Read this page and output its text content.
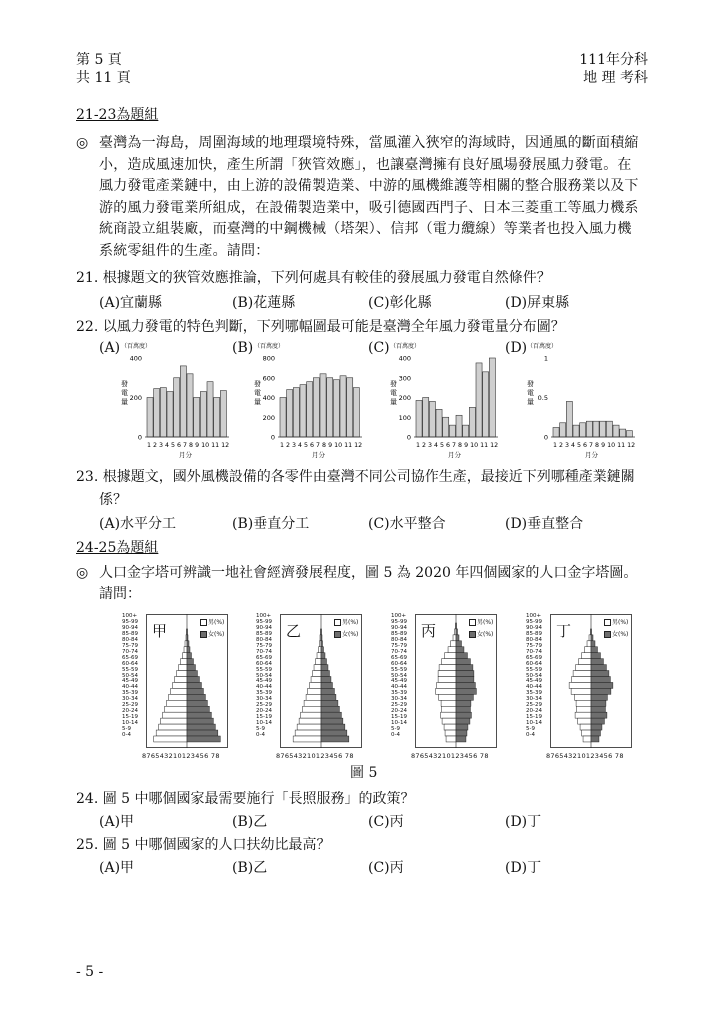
第 5 頁
共 11 頁
111年分科
地 理 考科
21-23為題組
◎ 臺灣為一海島，周圍海域的地理環境特殊，當風灌入狹窄的海域時，因通風的斷面積縮
小，造成風速加快，產生所謂「狹管效應」，也讓臺灣擁有良好風場發展風力發電。在
風力發電產業鏈中，由上游的設備製造業、中游的風機維護等相關的整合服務業以及下
游的風力發電業所組成，在設備製造業中，吸引德國西門子、日本三菱重工等風力機系
統商設立組裝廠，而臺灣的中鋼機械（塔架）、信邦（電力纜線）等業者也投入風力機
系統零組件的生產。請問：
21. 根據題文的狹管效應推論，下列何處具有較佳的發展風力發電自然條件？
(A)宜蘭縣	(B)花蓮縣	(C)彰化縣	(D)屏東縣
22. 以風力發電的特色判斷，下列哪幅圖最可能是臺灣全年風力發電量分布圖？
(A) （百萬度）
發電量
400
200
0
1 2 3 4 5 6 7 8 9 10 11 12
月分
(B) （百萬度）
發電量
800
600
400
200
0
1 2 3 4 5 6 7 8 9 10 11 12
月分
(C) （百萬度）
發電量
400
300
200
100
0
1 2 3 4 5 6 7 8 9 10 11 12
月分
(D) （百萬度）
發電量
1
0.5
0
1 2 3 4 5 6 7 8 9 10 11 12
月分
23. 根據題文，國外風機設備的各零件由臺灣不同公司協作生產，最接近下列哪種產業鏈關
係？
(A)水平分工	(B)垂直分工	(C)水平整合	(D)垂直整合
24-25為題組
◎ 人口金字塔可辨識一地社會經濟發展程度，圖 5 為 2020 年四個國家的人口金字塔圖。
請問：
100+
95-99
90-94
85-89
80-84
75-79
70-74
65-69
60-64
55-59
50-54
45-49
40-44
35-39
30-34
25-29
20-24
15-19
10-14
5-9
0-4
甲	男(%)
女(%)
876543210123456 78
100+
95-99
90-94
85-89
80-84
75-79
70-74
65-69
60-64
55-59
50-54
45-49
40-44
35-39
30-34
25-29
20-24
15-19
10-14
5-9
0-4
乙	男(%)
女(%)
876543210123456 78
100+
95-99
90-94
85-89
80-84
75-79
70-74
65-69
60-64
55-59
50-54
45-49
40-44
35-39
30-34
25-29
20-24
15-19
10-14
5-9
0-4
丙	男(%)
女(%)
876543210123456 78
100+
95-99
90-94
85-89
80-84
75-79
70-74
65-69
60-64
55-59
50-54
45-49
40-44
35-39
30-34
25-29
20-24
15-19
10-14
5-9
0-4
丁	男(%)
女(%)
876543210123456 78
圖 5
24. 圖 5 中哪個國家最需要施行「長照服務」的政策？
(A)甲	(B)乙	(C)丙	(D)丁
25. 圖 5 中哪個國家的人口扶幼比最高？
(A)甲	(B)乙	(C)丙	(D)丁
- 5 -
